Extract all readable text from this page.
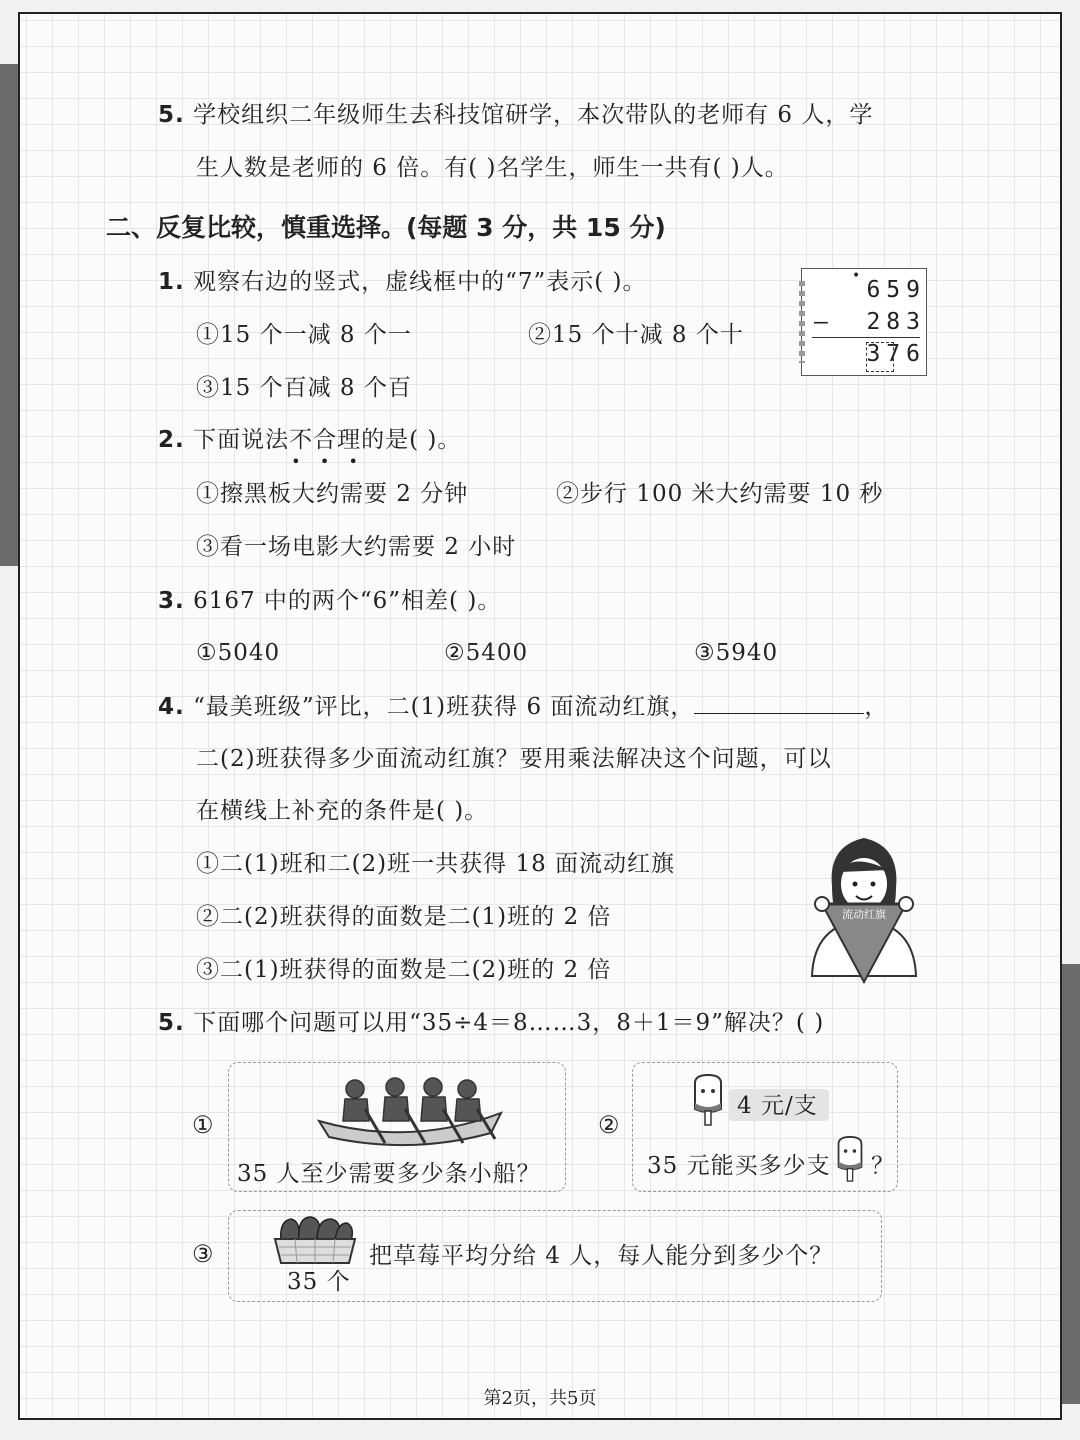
5. 学校组织二年级师生去科技馆研学，本次带队的老师有 6 人，学
生人数是老师的 6 倍。有( )名学生，师生一共有( )人。
二、反复比较，慎重选择。(每题 3 分，共 15 分)
1. 观察右边的竖式，虚线框中的“7”表示( )。
①15 个一减 8 个一	②15 个十减 8 个十
③15 个百减 8 个百
•
659
— 283
376
2. 下面说法不合理
•   •   •
的是( )。
①擦黑板大约需要 2 分钟	②步行 100 米大约需要 10 秒
③看一场电影大约需要 2 小时
3. 6167 中的两个“6”相差( )。
①5040	②5400	③5940
4. “最美班级”评比，二(1)班获得 6 面流动红旗，	，
二(2)班获得多少面流动红旗？要用乘法解决这个问题，可以
在横线上补充的条件是( )。
①二(1)班和二(2)班一共获得 18 面流动红旗
②二(2)班获得的面数是二(1)班的 2 倍
③二(1)班获得的面数是二(2)班的 2 倍
流动红旗
5. 下面哪个问题可以用“35÷4＝8……3，8＋1＝9”解决？( )
①
35 人至少需要多少条小船？
②
4 元/支
35 元能买多少支 ？
③
35 个
把草莓平均分给 4 人，每人能分到多少个？
第2页，共5页
